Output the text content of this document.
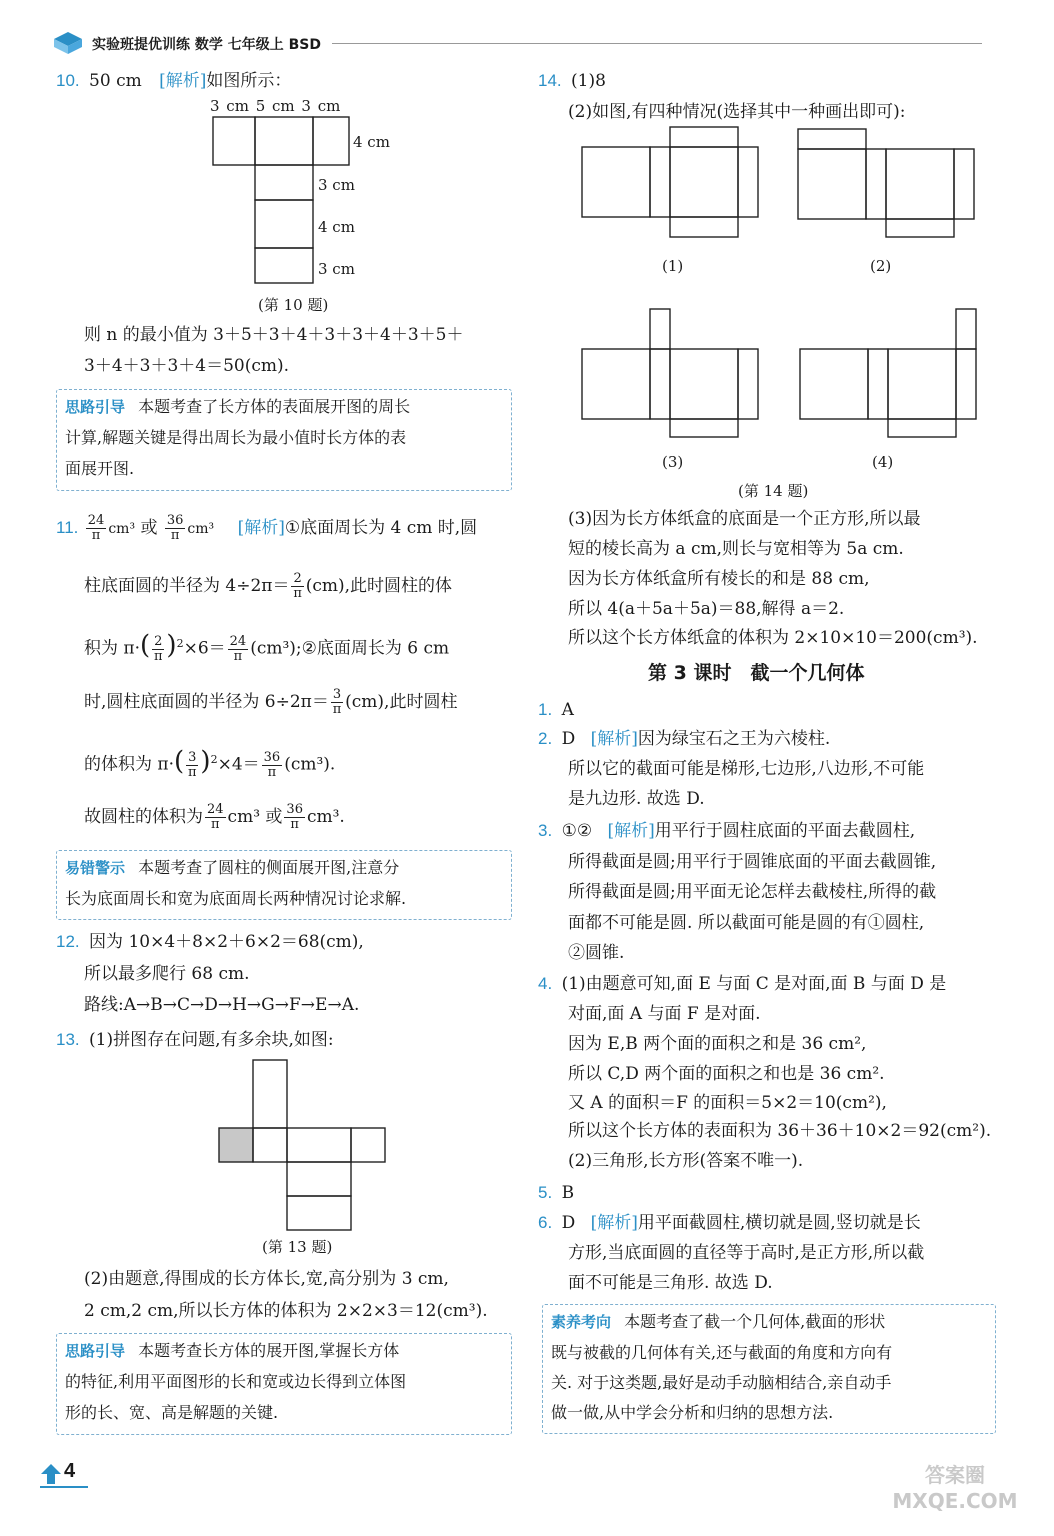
实验班提优训练 数学 七年级上 BSD
10. 50 cm [解析]如图所示：
3 cm 5 cm 3 cm
4 cm
3 cm
4 cm
3 cm
(第 10 题)
则 n 的最小值为 3＋5＋3＋4＋3＋3＋4＋3＋5＋
3＋4＋3＋3＋4＝50(cm).
思路引导 本题考查了长方体的表面展开图的周长
计算,解题关键是得出周长为最小值时长方体的表
面展开图.
11. $\frac{24}{\pi} cm^3$ 或 $\frac{36}{\pi} cm^3$ [解析]①底面周长为 4 cm 时,圆
柱底面圆的半径为 $4\div 2\pi= \frac{2}{\pi} (cm)$,此时圆柱的体
积为 $\pi\cdot( \frac{2}{\pi} )^2\times 6= \frac{24}{\pi}$ (cm³);②底面周长为 6 cm
时,圆柱底面圆的半径为 $6\div 2\pi= \frac{3}{\pi} (cm)$,此时圆柱
的体积为 $\pi\cdot( \frac{3}{\pi} )^2\times 4= \frac{36}{\pi} (cm^3)$.
故圆柱的体积为 $\frac{24}{\pi} cm^3$ 或 $\frac{36}{\pi} cm^3$.
易错警示 本题考查了圆柱的侧面展开图,注意分
长为底面周长和宽为底面周长两种情况讨论求解.
12. 因为 10×4＋8×2＋6×2＝68(cm),
所以最多爬行 68 cm.
路线:A→B→C→D→H→G→F→E→A.
13. (1)拼图存在问题,有多余块,如图:
(第 13 题)
(2)由题意,得围成的长方体长,宽,高分别为 3 cm,
2 cm,2 cm,所以长方体的体积为 2×2×3＝12(cm³).
思路引导 本题考查长方体的展开图,掌握长方体
的特征,利用平面图形的长和宽或边长得到立体图
形的长、宽、高是解题的关键.
4
14. (1)8
(2)如图,有四种情况(选择其中一种画出即可):
(1)	(2)
(3)	(4)
(第 14 题)
(3)因为长方体纸盒的底面是一个正方形,所以最
短的棱长高为 a cm,则长与宽相等为 5a cm.
因为长方体纸盒所有棱长的和是 88 cm,
所以 4(a＋5a＋5a)＝88,解得 a＝2.
所以这个长方体纸盒的体积为 2×10×10＝200(cm³).
第 3 课时　截一个几何体
1. A
2. D [解析]因为绿宝石之王为六棱柱.
所以它的截面可能是梯形,七边形,八边形,不可能
是九边形. 故选 D.
3. ①② [解析]用平行于圆柱底面的平面去截圆柱,
所得截面是圆;用平行于圆锥底面的平面去截圆锥,
所得截面是圆;用平面无论怎样去截棱柱,所得的截
面都不可能是圆. 所以截面可能是圆的有①圆柱,
②圆锥.
4. (1)由题意可知,面 E 与面 C 是对面,面 B 与面 D 是
对面,面 A 与面 F 是对面.
因为 E,B 两个面的面积之和是 36 cm²,
所以 C,D 两个面的面积之和也是 36 cm².
又 A 的面积＝F 的面积＝5×2＝10(cm²),
所以这个长方体的表面积为 36＋36＋10×2＝92(cm²).
(2)三角形,长方形(答案不唯一).
5. B
6. D [解析]用平面截圆柱,横切就是圆,竖切就是长
方形,当底面圆的直径等于高时,是正方形,所以截
面不可能是三角形. 故选 D.
素养考向 本题考查了截一个几何体,截面的形状
既与被截的几何体有关,还与截面的角度和方向有
关. 对于这类题,最好是动手动脑相结合,亲自动手
做一做,从中学会分析和归纳的思想方法.
答案圈 MXQE.COM
